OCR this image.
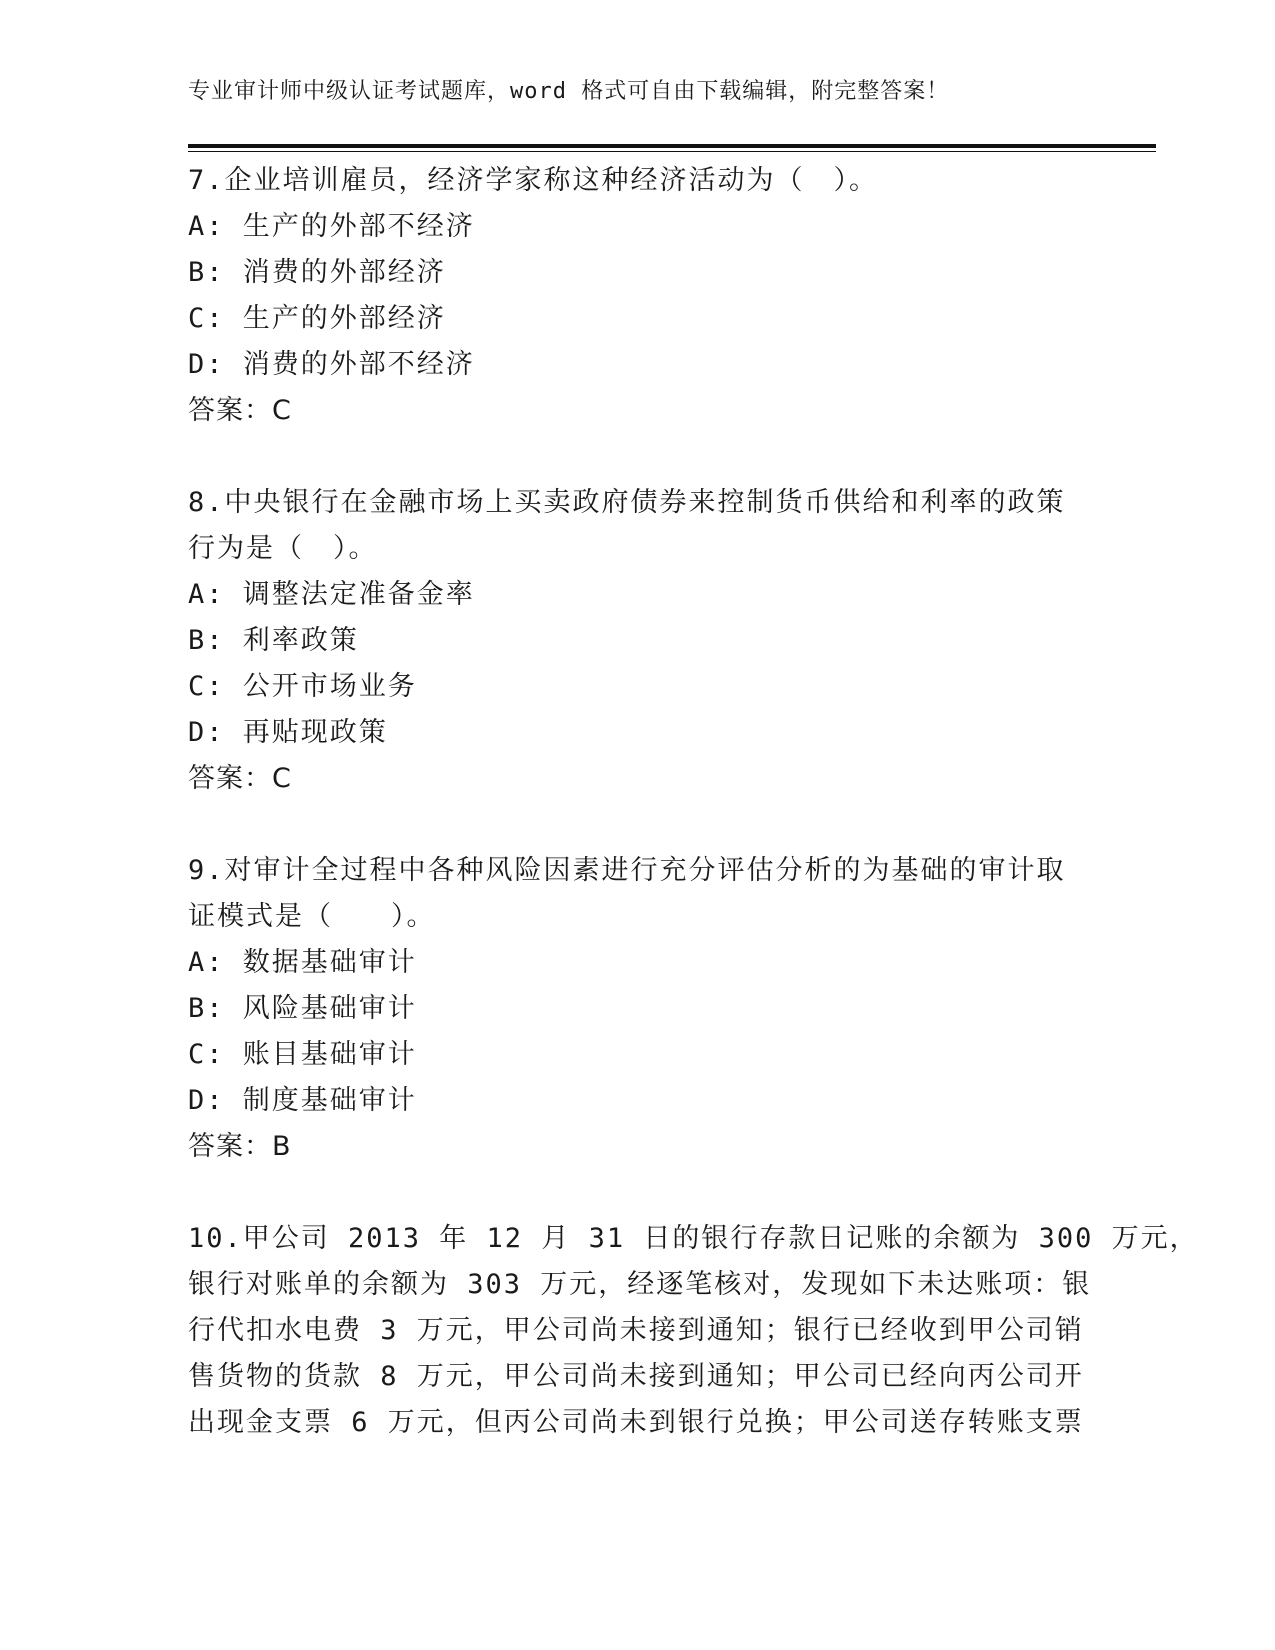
专业审计师中级认证考试题库，word 格式可自由下载编辑，附完整答案！
7.企业培训雇员，经济学家称这种经济活动为（　）。
A: 生产的外部不经济
B: 消费的外部经济
C: 生产的外部经济
D: 消费的外部不经济
答案：C
8.中央银行在金融市场上买卖政府债券来控制货币供给和利率的政策
行为是（　）。
A: 调整法定准备金率
B: 利率政策
C: 公开市场业务
D: 再贴现政策
答案：C
9.对审计全过程中各种风险因素进行充分评估分析的为基础的审计取
证模式是（　　）。
A: 数据基础审计
B: 风险基础审计
C: 账目基础审计
D: 制度基础审计
答案：B
10.甲公司 2013 年 12 月 31 日的银行存款日记账的余额为 300 万元，
银行对账单的余额为 303 万元，经逐笔核对，发现如下未达账项：银
行代扣水电费 3 万元，甲公司尚未接到通知；银行已经收到甲公司销
售货物的货款 8 万元，甲公司尚未接到通知；甲公司已经向丙公司开
出现金支票 6 万元，但丙公司尚未到银行兑换；甲公司送存转账支票
